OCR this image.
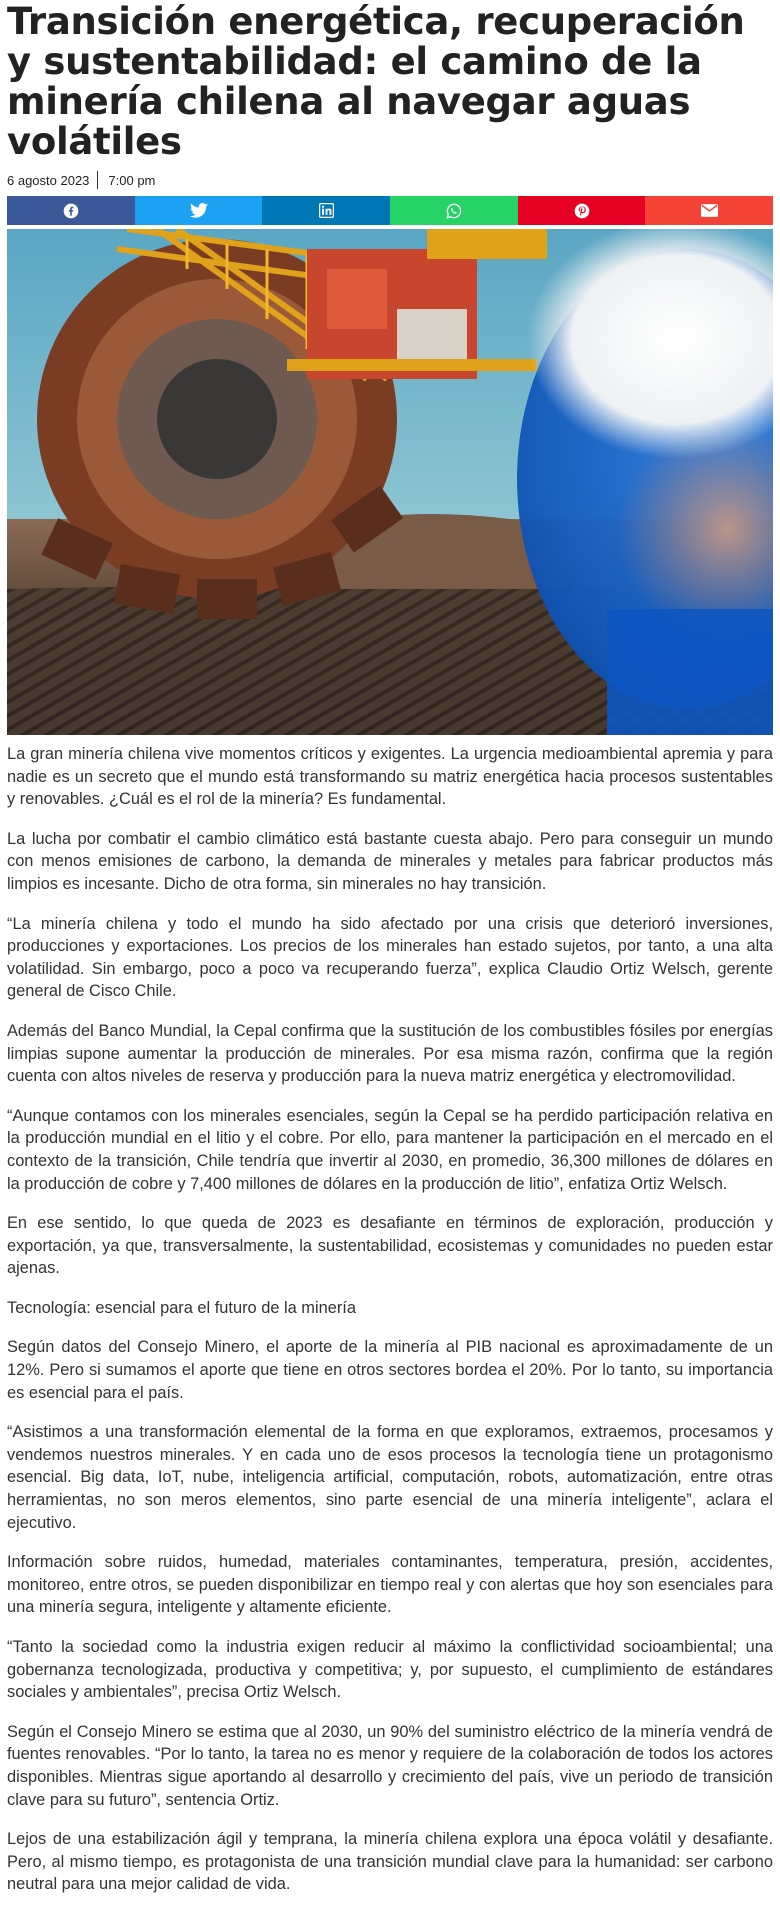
Transición energética, recuperación y sustentabilidad: el camino de la minería chilena al navegar aguas volátiles
6 agosto 2023 7:00 pm

La gran minería chilena vive momentos críticos y exigentes. La urgencia medioambiental apremia y para nadie es un secreto que el mundo está transformando su matriz energética hacia procesos sustentables y renovables. ¿Cuál es el rol de la minería? Es fundamental.

La lucha por combatir el cambio climático está bastante cuesta abajo. Pero para conseguir un mundo con menos emisiones de carbono, la demanda de minerales y metales para fabricar productos más limpios es incesante. Dicho de otra forma, sin minerales no hay transición.

“La minería chilena y todo el mundo ha sido afectado por una crisis que deterioró inversiones, producciones y exportaciones. Los precios de los minerales han estado sujetos, por tanto, a una alta volatilidad. Sin embargo, poco a poco va recuperando fuerza”, explica Claudio Ortiz Welsch, gerente general de Cisco Chile.

Además del Banco Mundial, la Cepal confirma que la sustitución de los combustibles fósiles por energías limpias supone aumentar la producción de minerales. Por esa misma razón, confirma que la región cuenta con altos niveles de reserva y producción para la nueva matriz energética y electromovilidad.

“Aunque contamos con los minerales esenciales, según la Cepal se ha perdido participación relativa en la producción mundial en el litio y el cobre. Por ello, para mantener la participación en el mercado en el contexto de la transición, Chile tendría que invertir al 2030, en promedio, 36,300 millones de dólares en la producción de cobre y 7,400 millones de dólares en la producción de litio”, enfatiza Ortiz Welsch.

En ese sentido, lo que queda de 2023 es desafiante en términos de exploración, producción y exportación, ya que, transversalmente, la sustentabilidad, ecosistemas y comunidades no pueden estar ajenas.

Tecnología: esencial para el futuro de la minería

Según datos del Consejo Minero, el aporte de la minería al PIB nacional es aproximadamente de un 12%. Pero si sumamos el aporte que tiene en otros sectores bordea el 20%. Por lo tanto, su importancia es esencial para el país.

“Asistimos a una transformación elemental de la forma en que exploramos, extraemos, procesamos y vendemos nuestros minerales. Y en cada uno de esos procesos la tecnología tiene un protagonismo esencial. Big data, IoT, nube, inteligencia artificial, computación, robots, automatización, entre otras herramientas, no son meros elementos, sino parte esencial de una minería inteligente”, aclara el ejecutivo.

Información sobre ruidos, humedad, materiales contaminantes, temperatura, presión, accidentes, monitoreo, entre otros, se pueden disponibilizar en tiempo real y con alertas que hoy son esenciales para una minería segura, inteligente y altamente eficiente.

“Tanto la sociedad como la industria exigen reducir al máximo la conflictividad socioambiental; una gobernanza tecnologizada, productiva y competitiva; y, por supuesto, el cumplimiento de estándares sociales y ambientales”, precisa Ortiz Welsch.

Según el Consejo Minero se estima que al 2030, un 90% del suministro eléctrico de la minería vendrá de fuentes renovables. “Por lo tanto, la tarea no es menor y requiere de la colaboración de todos los actores disponibles. Mientras sigue aportando al desarrollo y crecimiento del país, vive un periodo de transición clave para su futuro”, sentencia Ortiz.

Lejos de una estabilización ágil y temprana, la minería chilena explora una época volátil y desafiante. Pero, al mismo tiempo, es protagonista de una transición mundial clave para la humanidad: ser carbono neutral para una mejor calidad de vida.
